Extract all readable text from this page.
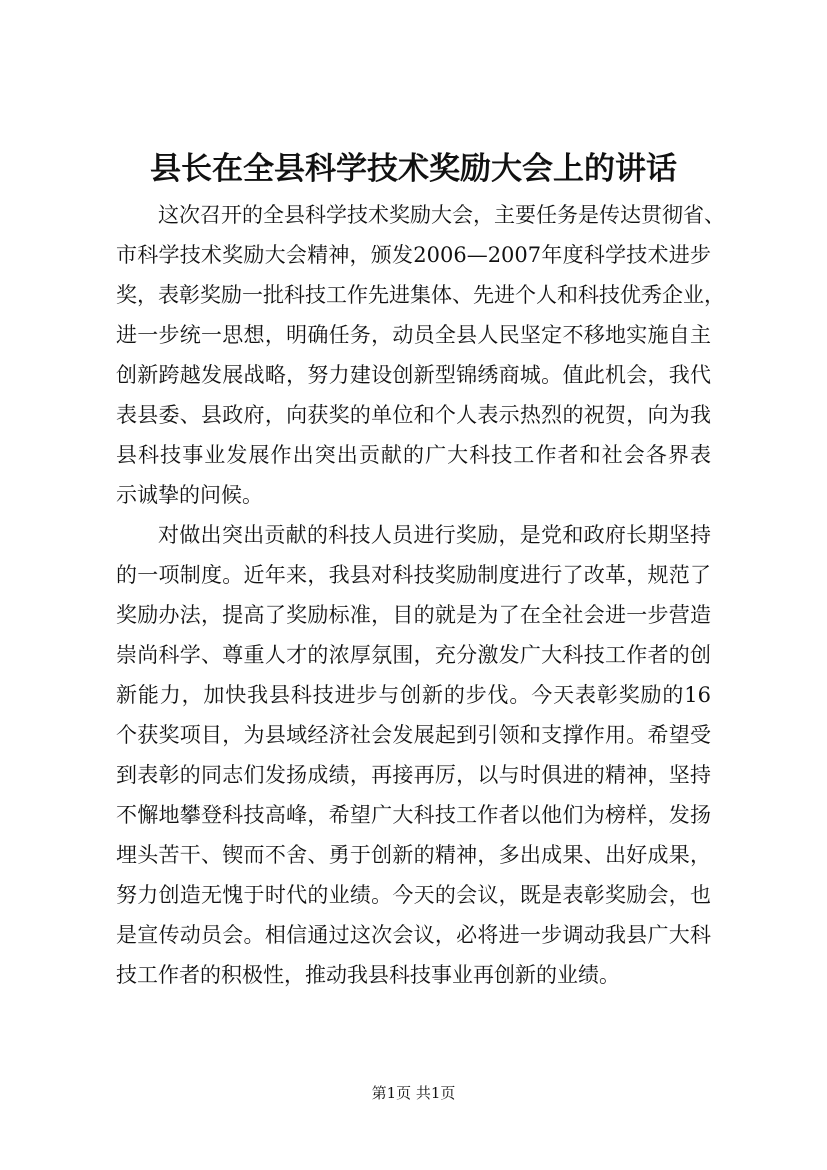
县长在全县科学技术奖励大会上的讲话
这次召开的全县科学技术奖励大会，主要任务是传达贯彻省、
市科学技术奖励大会精神，颁发2006—2007年度科学技术进步
奖，表彰奖励一批科技工作先进集体、先进个人和科技优秀企业，
进一步统一思想，明确任务，动员全县人民坚定不移地实施自主
创新跨越发展战略，努力建设创新型锦绣商城。值此机会，我代
表县委、县政府，向获奖的单位和个人表示热烈的祝贺，向为我
县科技事业发展作出突出贡献的广大科技工作者和社会各界表
示诚挚的问候。
对做出突出贡献的科技人员进行奖励，是党和政府长期坚持
的一项制度。近年来，我县对科技奖励制度进行了改革，规范了
奖励办法，提高了奖励标准，目的就是为了在全社会进一步营造
崇尚科学、尊重人才的浓厚氛围，充分激发广大科技工作者的创
新能力，加快我县科技进步与创新的步伐。今天表彰奖励的16
个获奖项目，为县域经济社会发展起到引领和支撑作用。希望受
到表彰的同志们发扬成绩，再接再厉，以与时俱进的精神，坚持
不懈地攀登科技高峰，希望广大科技工作者以他们为榜样，发扬
埋头苦干、锲而不舍、勇于创新的精神，多出成果、出好成果，
努力创造无愧于时代的业绩。今天的会议，既是表彰奖励会，也
是宣传动员会。相信通过这次会议，必将进一步调动我县广大科
技工作者的积极性，推动我县科技事业再创新的业绩。
第1页 共1页
